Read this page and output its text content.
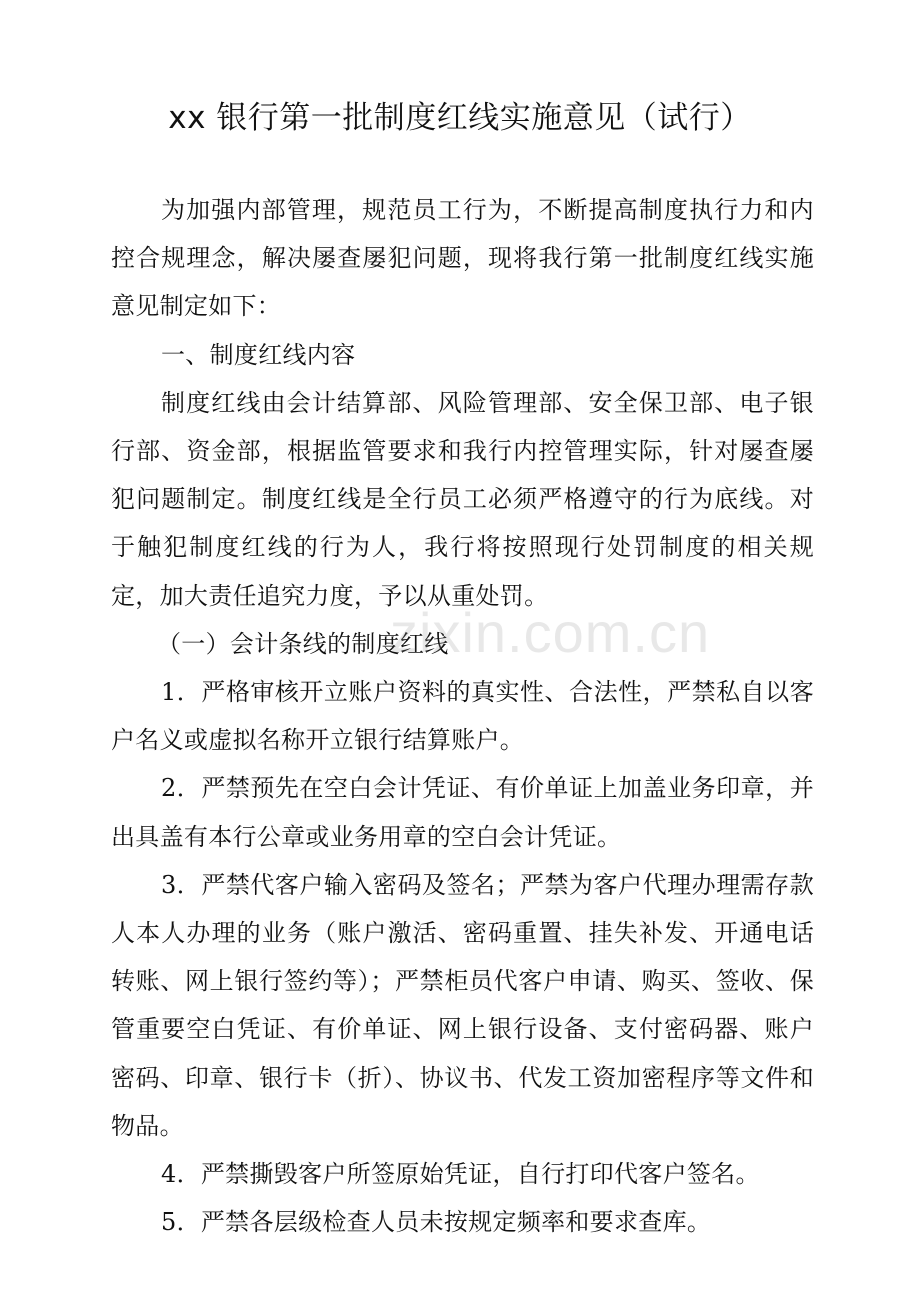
xx 银行第一批制度红线实施意见（试行）

为加强内部管理，规范员工行为，不断提高制度执行力和内控合规理念，解决屡查屡犯问题，现将我行第一批制度红线实施意见制定如下：

一、制度红线内容

制度红线由会计结算部、风险管理部、安全保卫部、电子银行部、资金部，根据监管要求和我行内控管理实际，针对屡查屡犯问题制定。制度红线是全行员工必须严格遵守的行为底线。对于触犯制度红线的行为人，我行将按照现行处罚制度的相关规定，加大责任追究力度，予以从重处罚。

（一）会计条线的制度红线

1．严格审核开立账户资料的真实性、合法性，严禁私自以客户名义或虚拟名称开立银行结算账户。

2．严禁预先在空白会计凭证、有价单证上加盖业务印章，并出具盖有本行公章或业务用章的空白会计凭证。

3．严禁代客户输入密码及签名；严禁为客户代理办理需存款人本人办理的业务（账户激活、密码重置、挂失补发、开通电话转账、网上银行签约等）；严禁柜员代客户申请、购买、签收、保管重要空白凭证、有价单证、网上银行设备、支付密码器、账户密码、印章、银行卡（折）、协议书、代发工资加密程序等文件和物品。

4．严禁撕毁客户所签原始凭证，自行打印代客户签名。

5．严禁各层级检查人员未按规定频率和要求查库。

zixin.com.cn
